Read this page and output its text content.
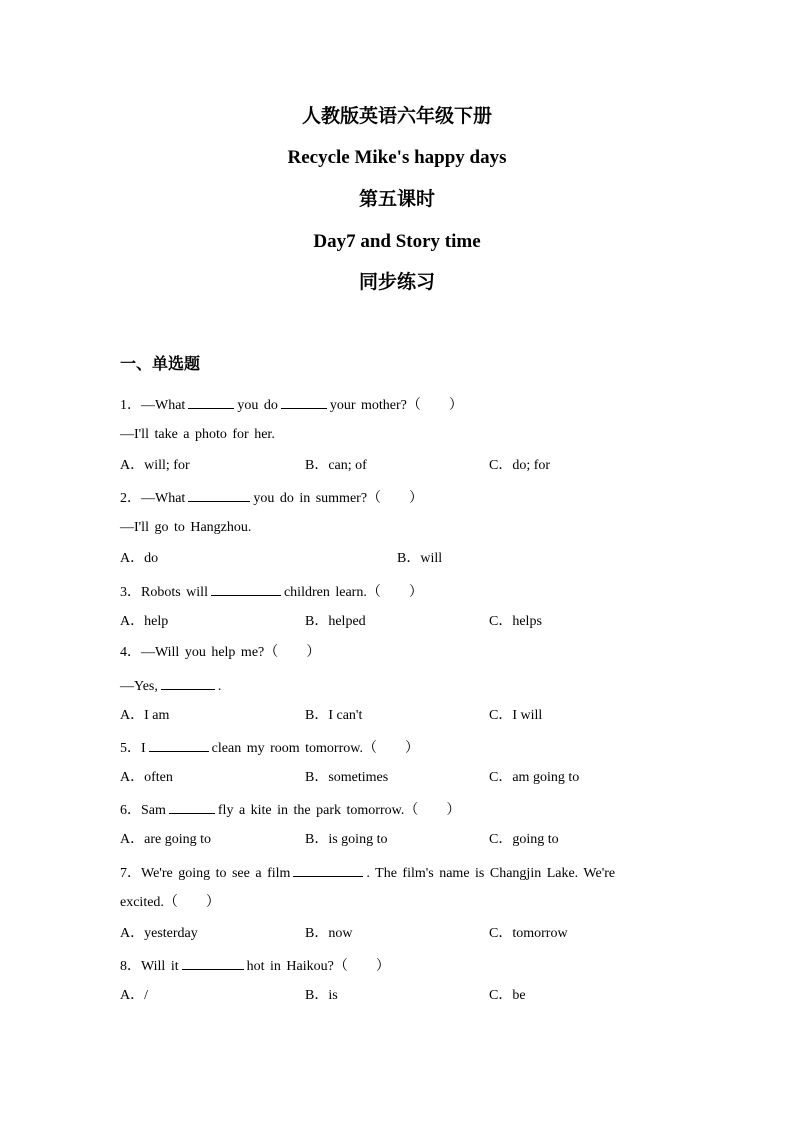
人教版英语六年级下册
Recycle Mike's happy days
第五课时
Day7 and Story time
同步练习
一、单选题
1．—What	you do	your mother?（　　）
—I'll take a photo for her.
A．will; for	B．can; of	C．do; for
2．—What	you do in summer?（　　）
—I'll go to Hangzhou.
A．do	B．will
3．Robots will	children learn.（　　）
A．help	B．helped	C．helps
4．—Will you help me?（　　）
—Yes,	.
A．I am	B．I can't	C．I will
5．I	clean my room tomorrow.（　　）
A．often	B．sometimes	C．am going to
6．Sam	fly a kite in the park tomorrow.（　　）
A．are going to	B．is going to	C．going to
7．We're going to see a film	. The film's name is Changjin Lake. We're
excited.（　　）
A．yesterday	B．now	C．tomorrow
8．Will it	hot in Haikou?（　　）
A．/	B．is	C．be
